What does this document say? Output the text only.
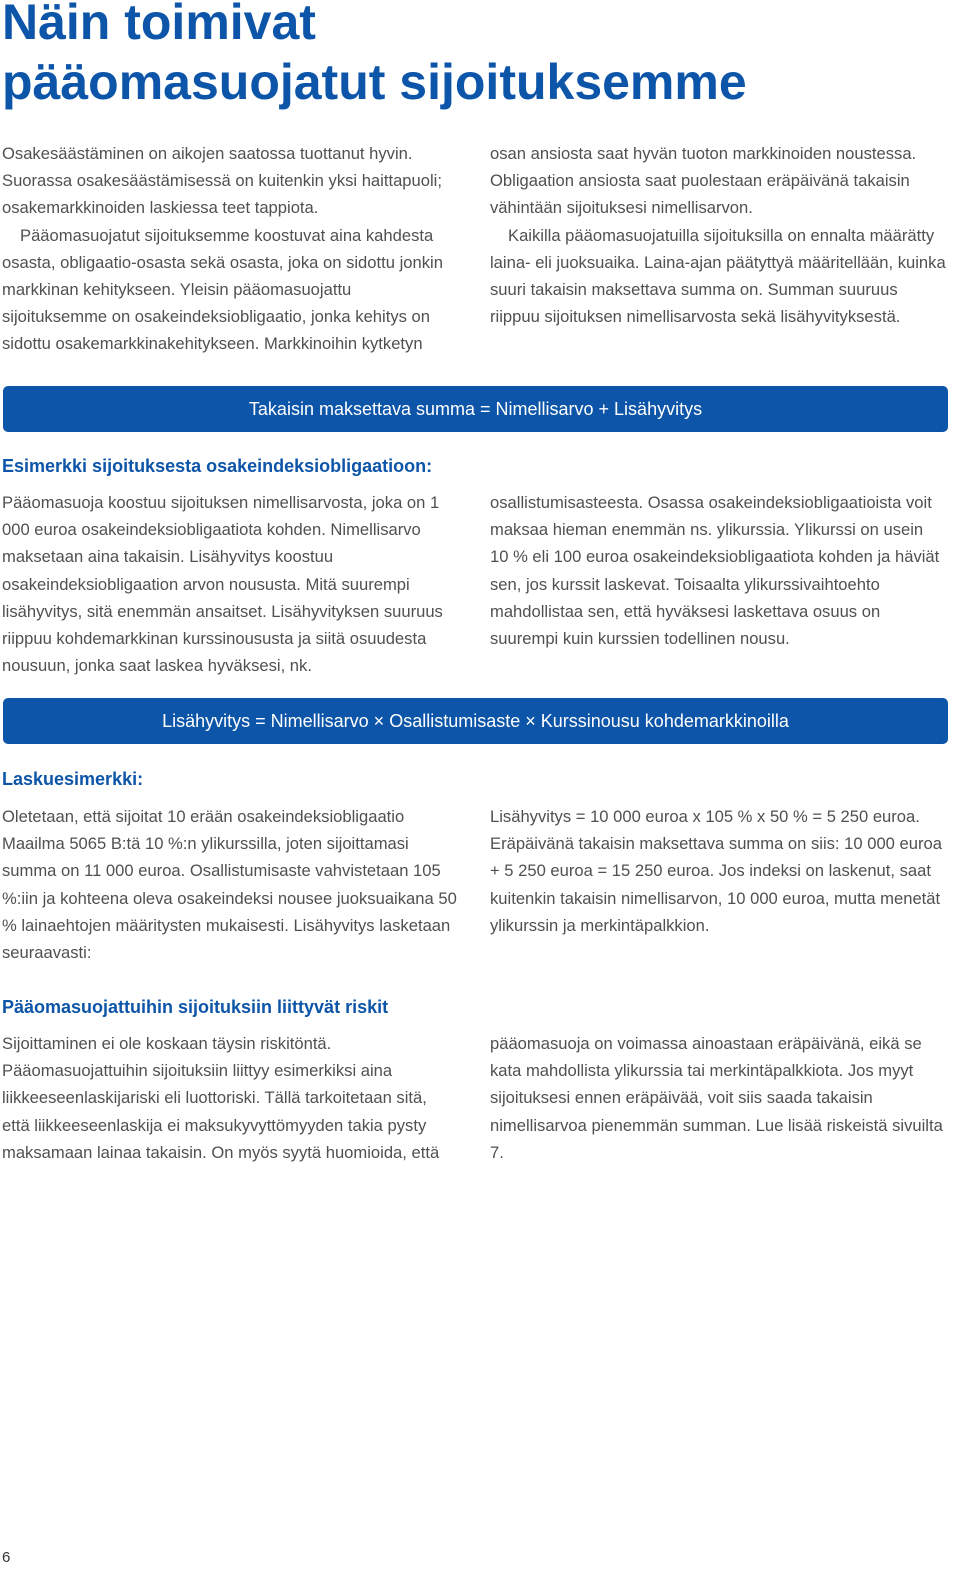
Näin toimivat
pääomasuojatut sijoituksemme

Osakesäästäminen on aikojen saatossa tuottanut hyvin. Suorassa osakesäästämisessä on kuitenkin yksi haittapuoli; osakemarkkinoiden laskiessa teet tappiota.

Pääomasuojatut sijoituksemme koostuvat aina kahdesta osasta, obligaatio-osasta sekä osasta, joka on sidottu jonkin markkinan kehitykseen. Yleisin pääomasuojattu sijoituksemme on osakeindeksiobligaatio, jonka kehitys on sidottu osakemarkkinakehitykseen. Markkinoihin kytketyn

osan ansiosta saat hyvän tuoton markkinoiden noustessa. Obligaation ansiosta saat puolestaan eräpäivänä takaisin vähintään sijoituksesi nimellisarvon.

Kaikilla pääomasuojatuilla sijoituksilla on ennalta määrätty laina- eli juoksuaika. Laina-ajan päätyttyä määritellään, kuinka suuri takaisin maksettava summa on. Summan suuruus riippuu sijoituksen nimellisarvosta sekä lisähyvityksestä.

Takaisin maksettava summa = Nimellisarvo + Lisähyvitys
Esimerkki sijoituksesta osakeindeksiobligaatioon:

Pääomasuoja koostuu sijoituksen nimellisarvosta, joka on 1 000 euroa osakeindeksiobligaatiota kohden. Nimellisarvo maksetaan aina takaisin. Lisähyvitys koostuu osakeindeksiobligaation arvon noususta. Mitä suurempi lisähyvitys, sitä enemmän ansaitset. Lisähyvityksen suuruus riippuu kohdemarkkinan kurssinoususta ja siitä osuudesta nousuun, jonka saat laskea hyväksesi, nk.

osallistumisasteesta. Osassa osakeindeksiobligaatioista voit maksaa hieman enemmän ns. ylikurssia. Ylikurssi on usein 10 % eli 100 euroa osakeindeksiobligaatiota kohden ja häviät sen, jos kurssit laskevat. Toisaalta ylikurssivaihtoehto mahdollistaa sen, että hyväksesi laskettava osuus on suurempi kuin kurssien todellinen nousu.

Lisähyvitys = Nimellisarvo × Osallistumisaste × Kurssinousu kohdemarkkinoilla
Laskuesimerkki:

Oletetaan, että sijoitat 10 erään osakeindeksiobligaatio Maailma 5065 B:tä 10 %:n ylikurssilla, joten sijoittamasi summa on 11 000 euroa. Osallistumisaste vahvistetaan 105 %:iin ja kohteena oleva osakeindeksi nousee juoksuaikana 50 % lainaehtojen määritysten mukaisesti. Lisähyvitys lasketaan seuraavasti:

Lisähyvitys = 10 000 euroa x 105 % x 50 % = 5 250 euroa. Eräpäivänä takaisin maksettava summa on siis: 10 000 euroa + 5 250 euroa = 15 250 euroa. Jos indeksi on laskenut, saat kuitenkin takaisin nimellisarvon, 10 000 euroa, mutta menetät ylikurssin ja merkintäpalkkion.

Pääomasuojattuihin sijoituksiin liittyvät riskit

Sijoittaminen ei ole koskaan täysin riskitöntä. Pääomasuojattuihin sijoituksiin liittyy esimerkiksi aina liikkeeseenlaskijariski eli luottoriski. Tällä tarkoitetaan sitä, että liikkeeseenlaskija ei maksukyvyttömyyden takia pysty maksamaan lainaa takaisin. On myös syytä huomioida, että

pääomasuoja on voimassa ainoastaan eräpäivänä, eikä se kata mahdollista ylikurssia tai merkintäpalkkiota. Jos myyt sijoituksesi ennen eräpäivää, voit siis saada takaisin nimellisarvoa pienemmän summan. Lue lisää riskeistä sivuilta 7.

6
